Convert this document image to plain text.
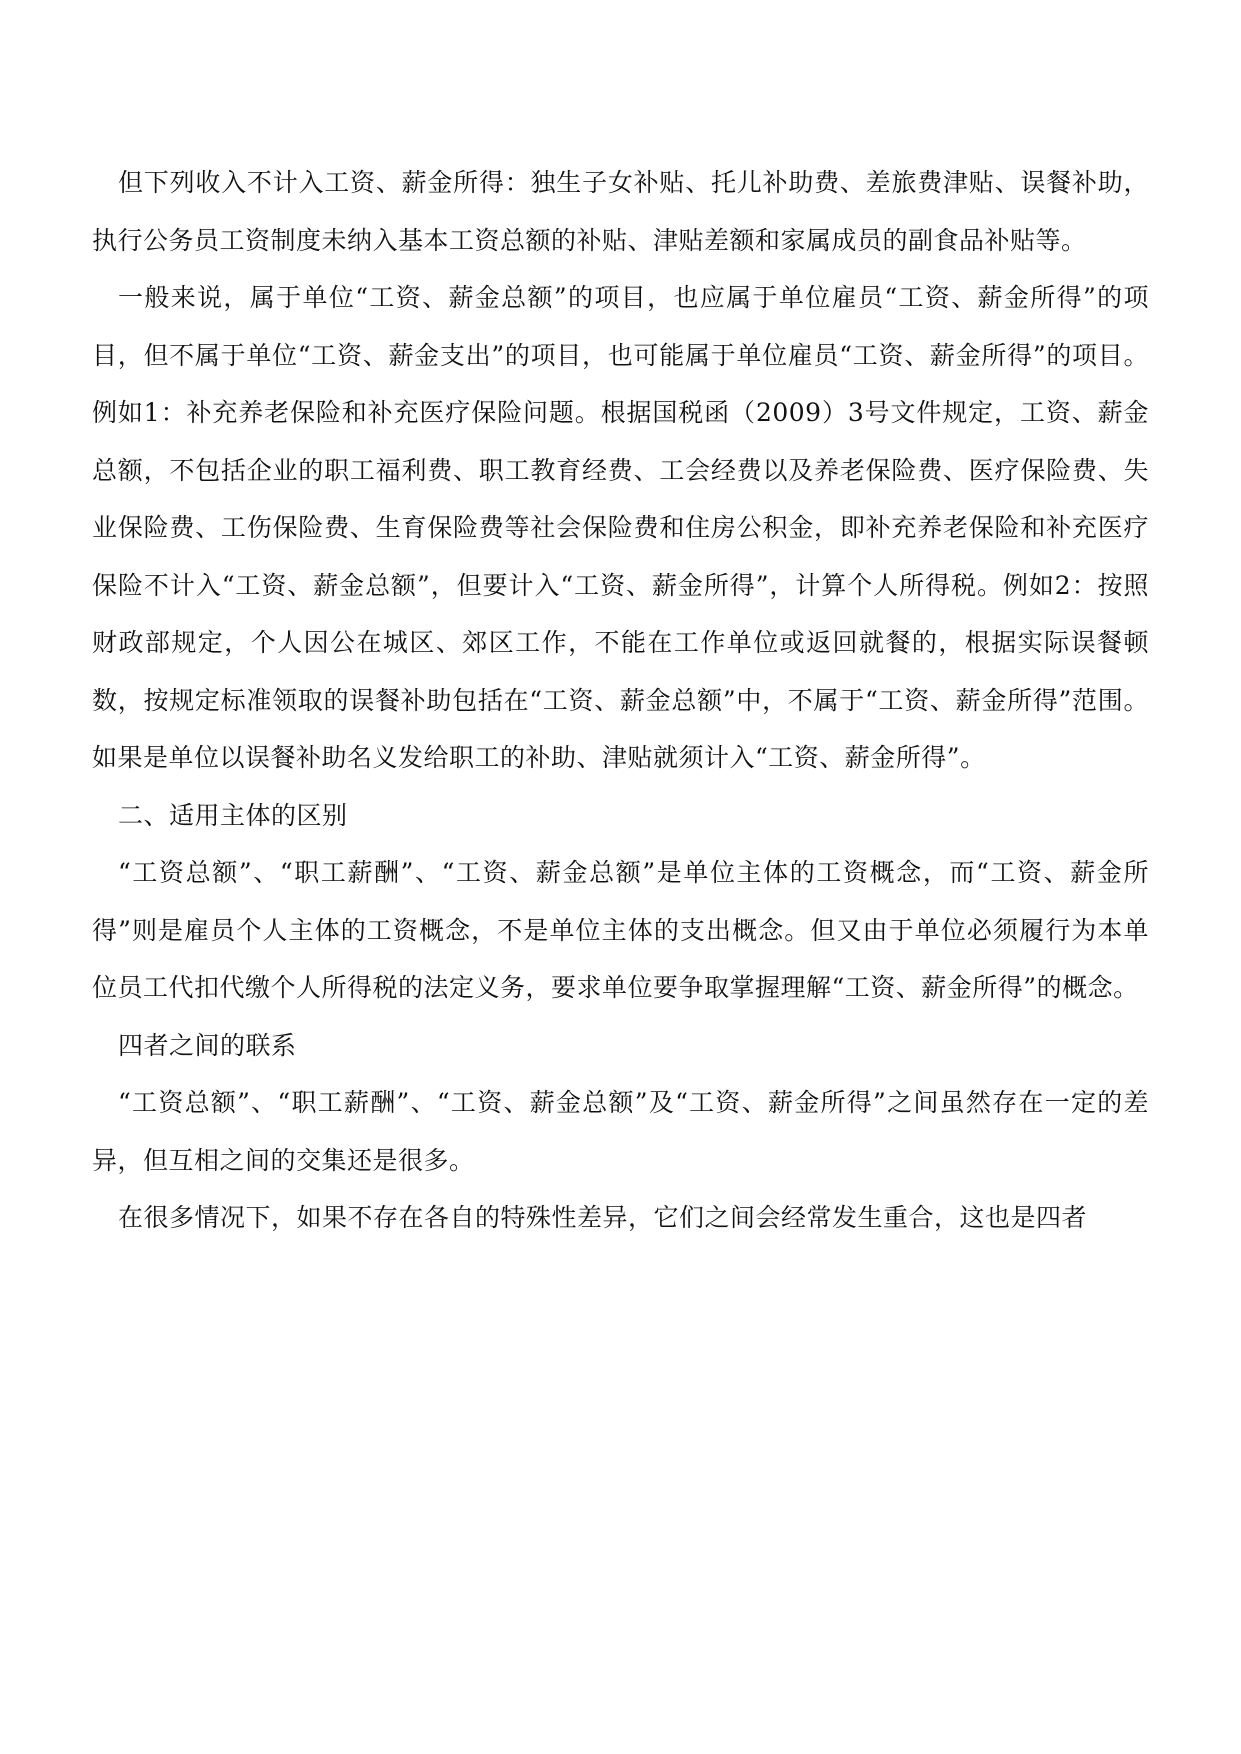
但下列收入不计入工资、薪金所得：独生子女补贴、托儿补助费、差旅费津贴、误餐补助，执行公务员工资制度未纳入基本工资总额的补贴、津贴差额和家属成员的副食品补贴等。

一般来说，属于单位“工资、薪金总额”的项目，也应属于单位雇员“工资、薪金所得”的项目，但不属于单位“工资、薪金支出”的项目，也可能属于单位雇员“工资、薪金所得”的项目。例如1：补充养老保险和补充医疗保险问题。根据国税函（2009）3号文件规定，工资、薪金总额，不包括企业的职工福利费、职工教育经费、工会经费以及养老保险费、医疗保险费、失业保险费、工伤保险费、生育保险费等社会保险费和住房公积金，即补充养老保险和补充医疗保险不计入“工资、薪金总额”，但要计入“工资、薪金所得”，计算个人所得税。例如2：按照财政部规定，个人因公在城区、郊区工作，不能在工作单位或返回就餐的，根据实际误餐顿数，按规定标准领取的误餐补助包括在“工资、薪金总额”中，不属于“工资、薪金所得”范围。如果是单位以误餐补助名义发给职工的补助、津贴就须计入“工资、薪金所得”。

二、适用主体的区别

“工资总额”、“职工薪酬”、“工资、薪金总额”是单位主体的工资概念，而“工资、薪金所得”则是雇员个人主体的工资概念，不是单位主体的支出概念。但又由于单位必须履行为本单位员工代扣代缴个人所得税的法定义务，要求单位要争取掌握理解“工资、薪金所得”的概念。

四者之间的联系

“工资总额”、“职工薪酬”、“工资、薪金总额”及“工资、薪金所得”之间虽然存在一定的差异，但互相之间的交集还是很多。

在很多情况下，如果不存在各自的特殊性差异，它们之间会经常发生重合，这也是四者
